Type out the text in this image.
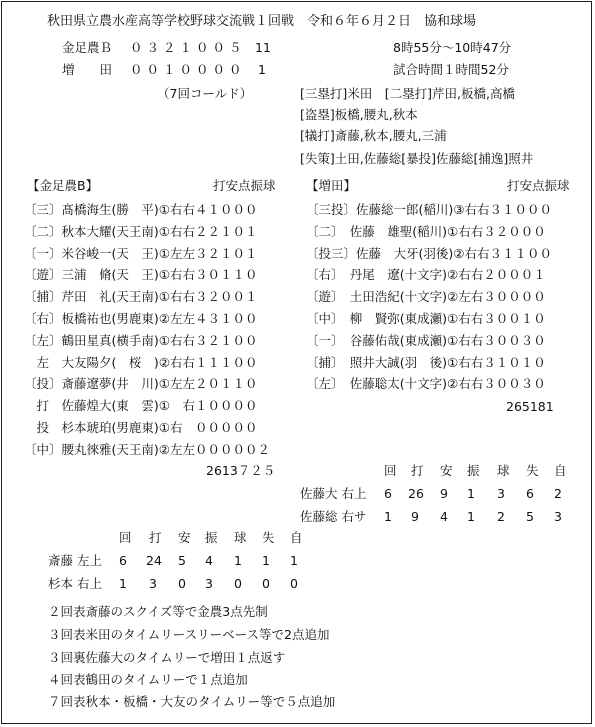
秋田県立農水産高等学校野球交流戦１回戦　令和６年６月２日　協和球場
金足農Ｂ ０３２１００５ 11	8時55分～10時47分
増　　田 ００１００００ 1	試合時間１時間52分
（7回コールド）	[三塁打]米田　[二塁打]芹田,板橋,高橋
[盗塁]板橋,腰丸,秋本
[犠打]斎藤,秋本,腰丸,三浦
[失策]土田,佐藤総[暴投]佐藤総[捕逸]照井
【金足農B】	打安点振球
〔三〕髙橋海生(勝　平)①右右４１０００
〔二〕秋本大耀(天王南)①右右２２１０１
〔一〕米谷峻一(天　王)①左左３２１０１
〔遊〕三浦　脩(天　王)①右右３０１１０
〔捕〕芹田　礼(天王南)①右右３２００１
〔右〕板橋祐也(男鹿東)②左左４３１００
〔左〕鶴田星真(横手南)①右右３２１００
　左　大友陽夕(　桜　)②右右１１１００
〔投〕斎藤遼夢(井　川)①左左２０１１０
　打　佐藤煌大(東　雲)①　右１００００
　投　杉本琥珀(男鹿東)①右　０００００
〔中〕腰丸徠雅(天王南)②左左０００００２
2613７２５
【増田】	打安点振球
〔三投〕佐藤総一郎(稲川)③右右３１０００
〔二〕　佐藤　雄聖(稲川)①右右３２０００
〔投三〕佐藤　大牙(羽後)②右右３１１００
〔右〕　丹尾　遼(十文字)②右右２０００１
〔遊〕　土田浩紀(十文字)②左右３００００
〔中〕　柳　賢弥(東成瀬)①右右３００１０
〔一〕　谷藤佑哉(東成瀬)①右右３００３０
〔捕〕　照井大誠(羽　後)①右右３１０１０
〔左〕　佐藤聡太(十文字)②右右３００３０
265181
回 打 安 振 球 失 自
佐藤大 右上 6 26 9 1 3 6 2
佐藤総 右サ 1 9 4 1 2 5 3
回 打 安 振 球 失 自
斎藤 左上 6 24 5 4 1 1 1
杉本 右上 1 3 0 3 0 0 0
２回表斎藤のスクイズ等で金農3点先制
３回表米田のタイムリースリーベース等で2点追加
３回裏佐藤大のタイムリーで増田１点返す
４回表鶴田のタイムリーで１点追加
７回表秋本・板橋・大友のタイムリー等で５点追加
